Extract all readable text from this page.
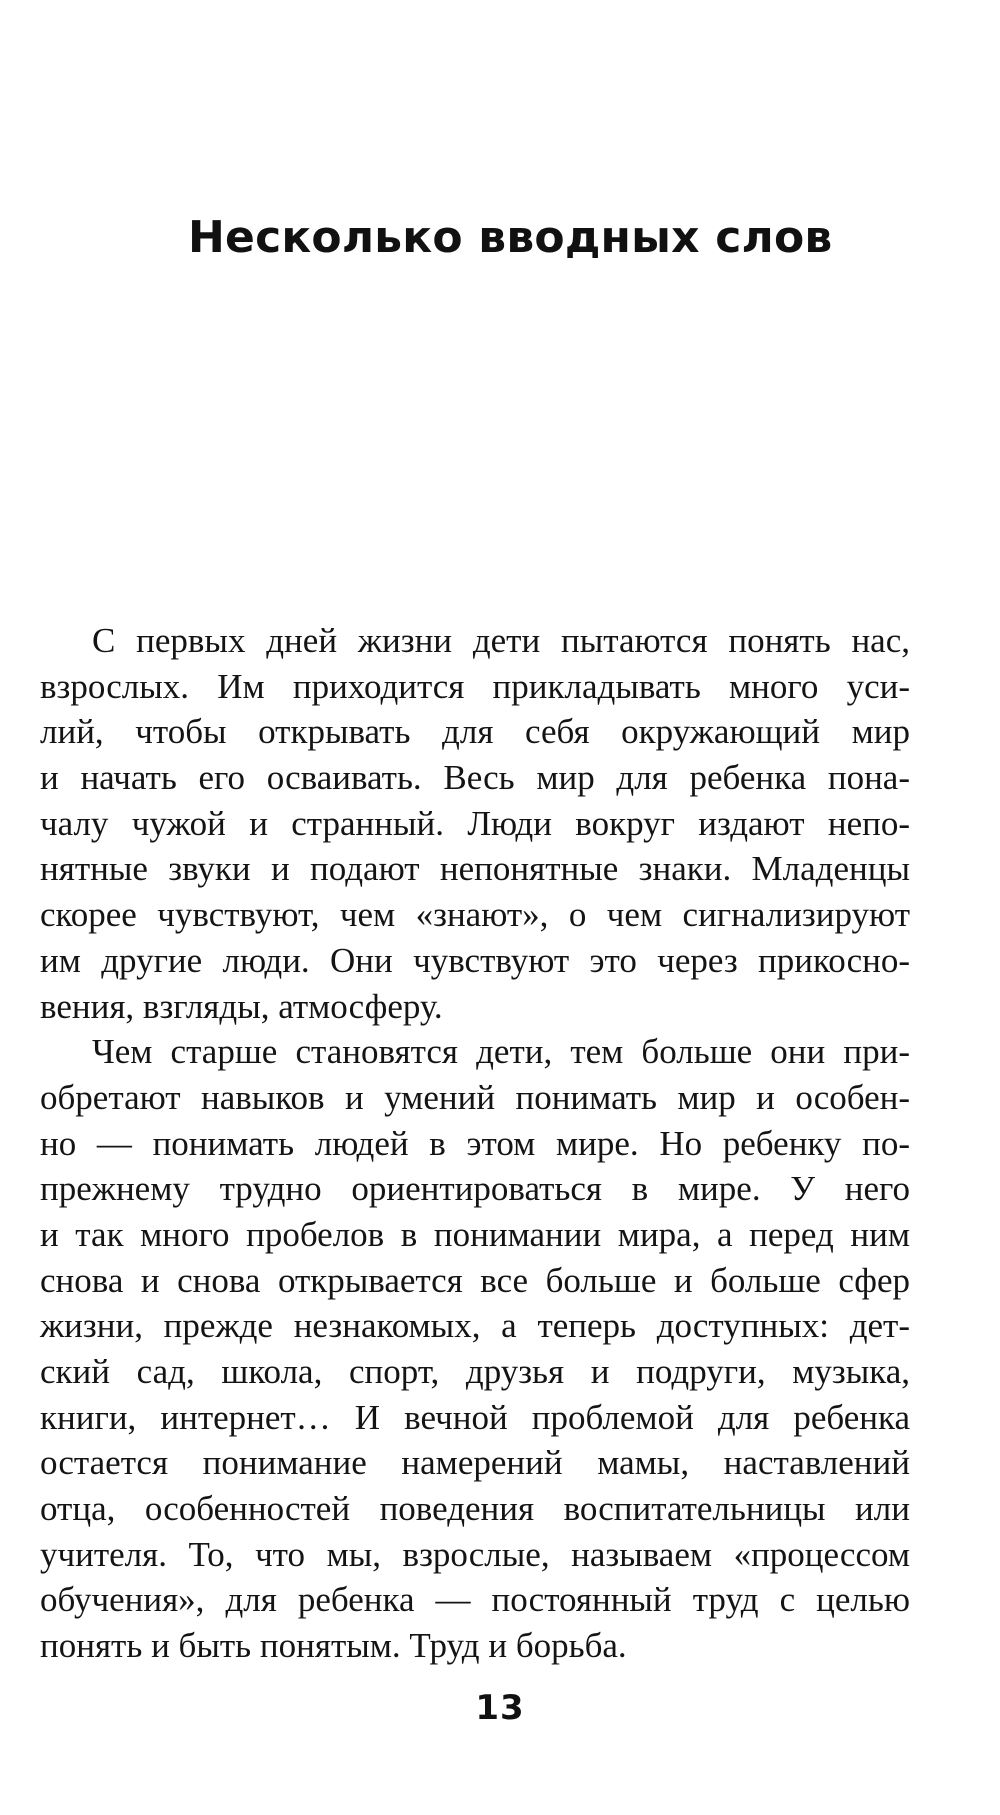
Несколько вводных слов
С первых дней жизни дети пытаются понять нас,
взрослых. Им приходится прикладывать много уси-
лий, чтобы открывать для себя окружающий мир
и начать его осваивать. Весь мир для ребенка пона-
чалу чужой и странный. Люди вокруг издают непо-
нятные звуки и подают непонятные знаки. Младенцы
скорее чувствуют, чем «знают», о чем сигнализируют
им другие люди. Они чувствуют это через прикосно-
вения, взгляды, атмосферу.
Чем старше становятся дети, тем больше они при-
обретают навыков и умений понимать мир и особен-
но — понимать людей в этом мире. Но ребенку по-
прежнему трудно ориентироваться в мире. У него
и так много пробелов в понимании мира, а перед ним
снова и снова открывается все больше и больше сфер
жизни, прежде незнакомых, а теперь доступных: дет-
ский сад, школа, спорт, друзья и подруги, музыка,
книги, интернет… И вечной проблемой для ребенка
остается понимание намерений мамы, наставлений
отца, особенностей поведения воспитательницы или
учителя. То, что мы, взрослые, называем «процессом
обучения», для ребенка — постоянный труд с целью
понять и быть понятым. Труд и борьба.
13
